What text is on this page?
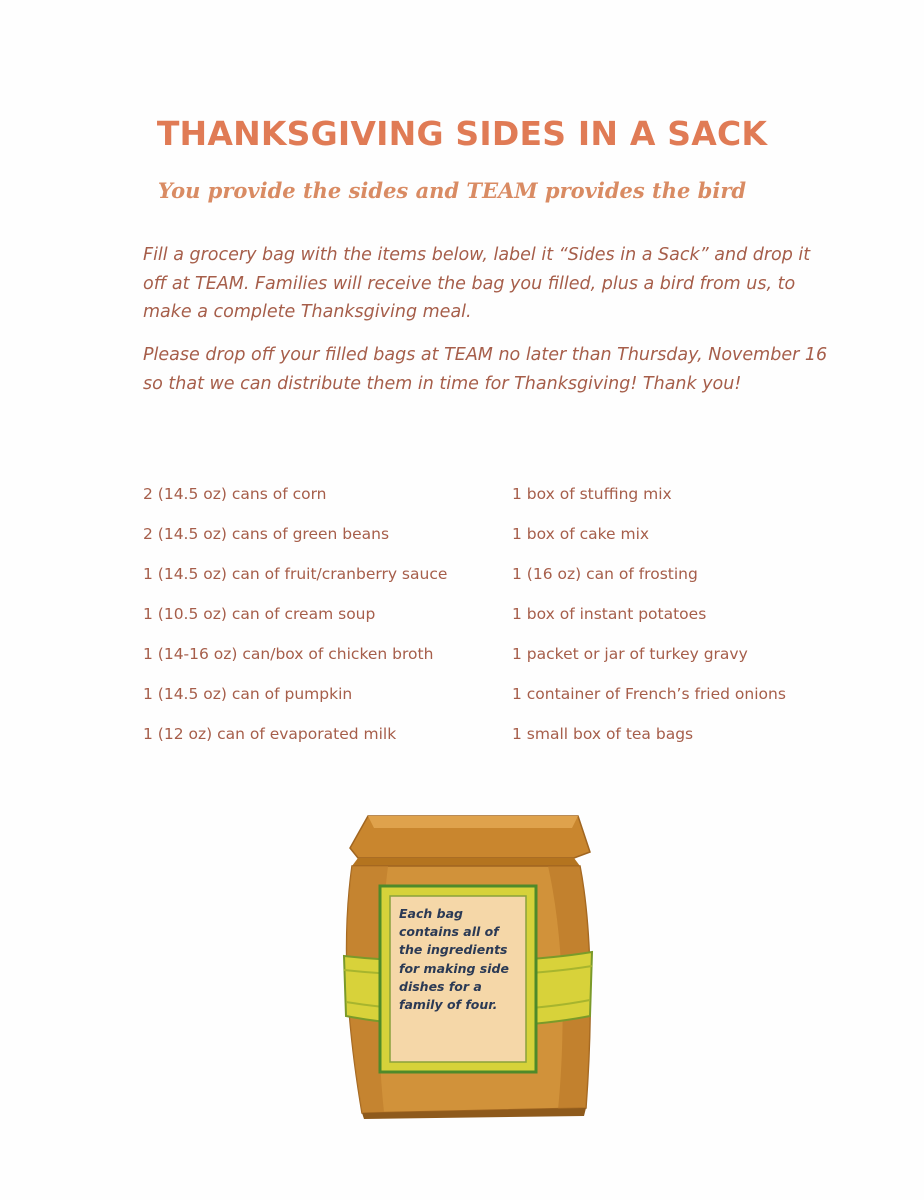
THANKSGIVING SIDES IN A SACK
You provide the sides and TEAM provides the bird

Fill a grocery bag with the items below, label it “Sides in a Sack” and drop it off at TEAM. Families will receive the bag you filled, plus a bird from us, to make a complete Thanksgiving meal.

Please drop off your filled bags at TEAM no later than Thursday, November 16 so that we can distribute them in time for Thanksgiving! Thank you!

2 (14.5 oz) cans of corn
2 (14.5 oz) cans of green beans
1 (14.5 oz) can of fruit/cranberry sauce
1 (10.5 oz) can of cream soup
1 (14-16 oz) can/box of chicken broth
1 (14.5 oz) can of pumpkin
1 (12 oz) can of evaporated milk
1 box of stuffing mix
1 box of cake mix
1 (16 oz) can of frosting
1 box of instant potatoes
1 packet or jar of turkey gravy
1 container of French’s fried onions
1 small box of tea bags

Each bag contains all of the ingredients for making side dishes for a family of four.
